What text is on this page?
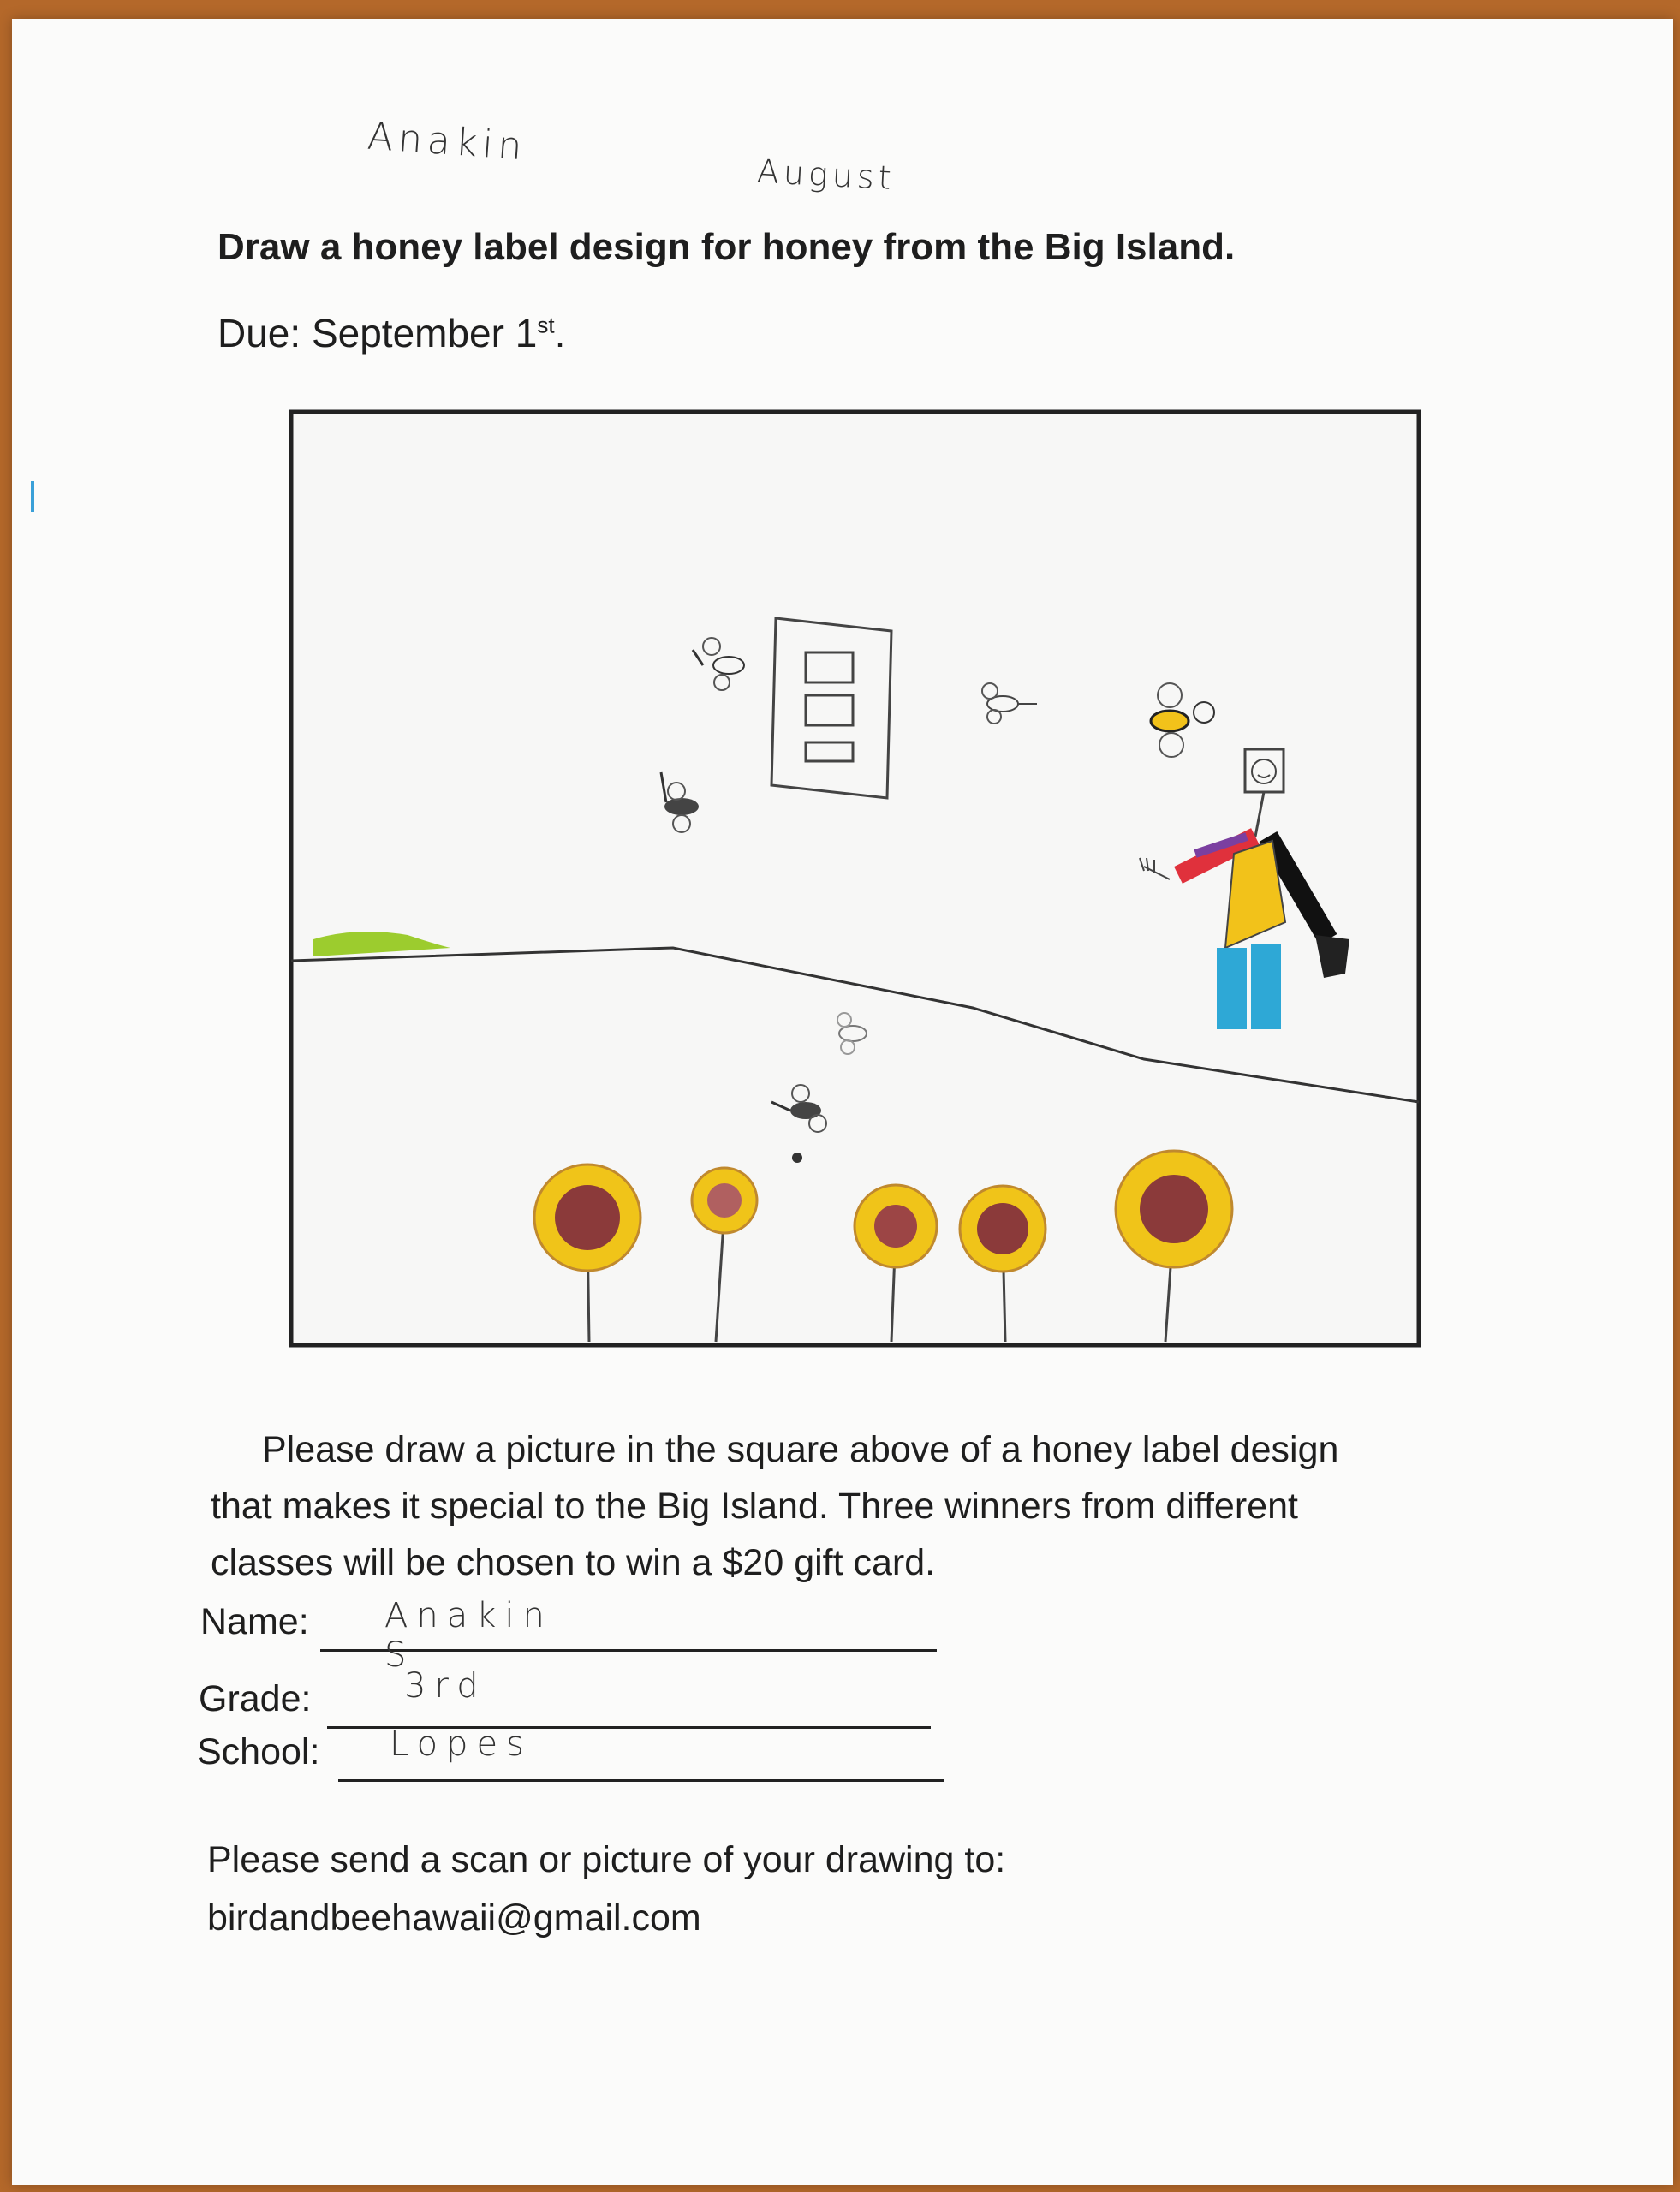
Anakin
August
Draw a honey label design for honey from the Big Island.
Due: September 1st.
Please draw a picture in the square above of a honey label design
that makes it special to the Big Island. Three winners from different
classes will be chosen to win a $20 gift card.
Name: Anakin S
Grade:	3rd
School: Lopes
Please send a scan or picture of your drawing to:
birdandbeehawaii@gmail.com
